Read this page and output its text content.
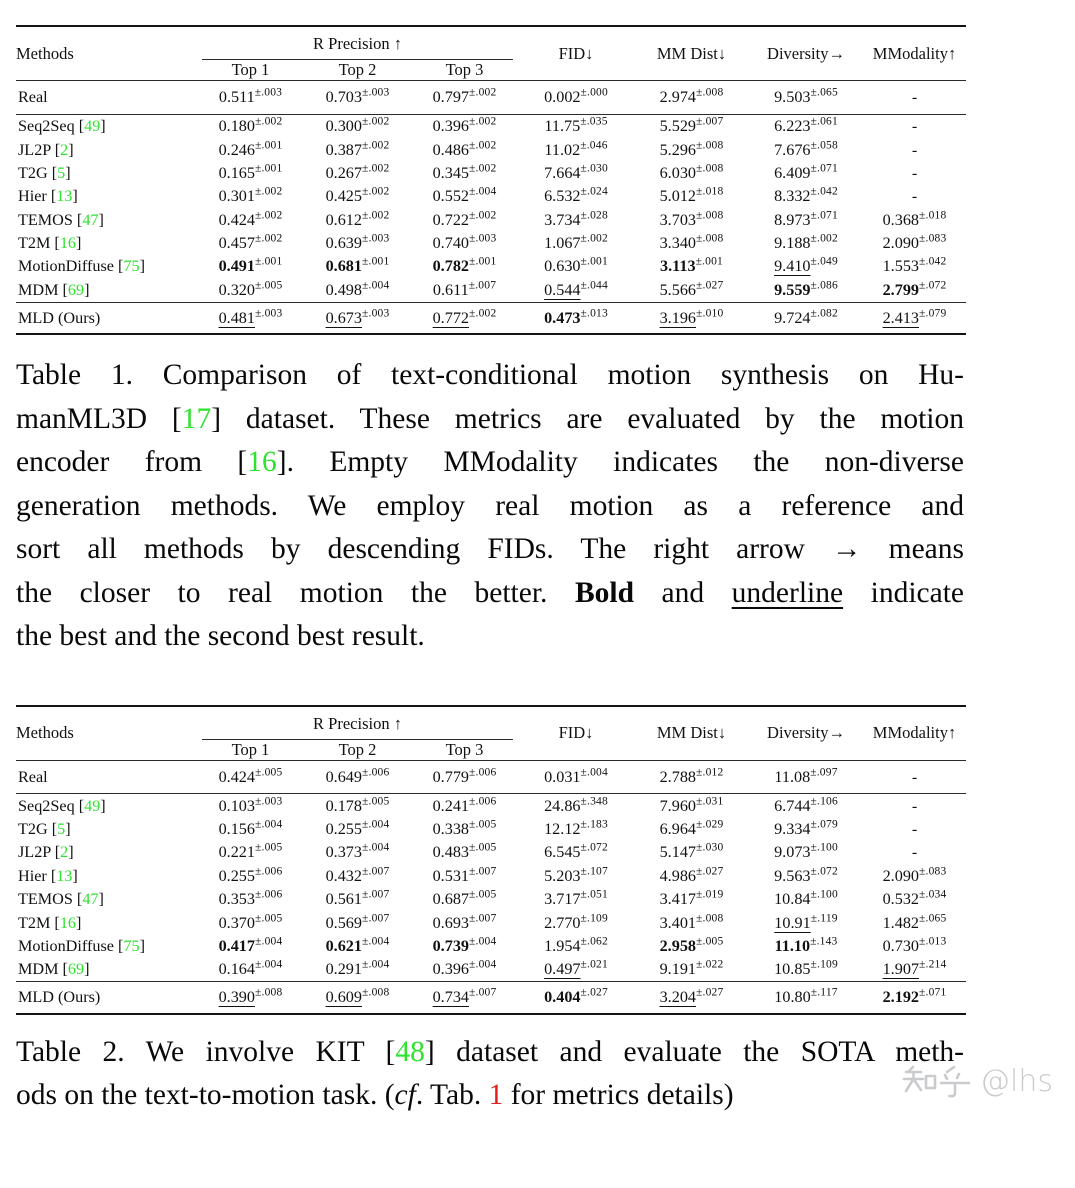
Methods	R Precision ↑			FID↓	MM Dist↓	Diversity→	MModality↑
	Top 1	Top 2	Top 3				
Real	$0.511^{\pm.003}$	$0.703^{\pm.003}$	$0.797^{\pm.002}$	$0.002^{\pm.000}$	$2.974^{\pm.008}$	$9.503^{\pm.065}$	-
Seq2Seq [49]	$0.180^{\pm.002}$	$0.300^{\pm.002}$	$0.396^{\pm.002}$	$11.75^{\pm.035}$	$5.529^{\pm.007}$	$6.223^{\pm.061}$	-
JL2P [2]	$0.246^{\pm.001}$	$0.387^{\pm.002}$	$0.486^{\pm.002}$	$11.02^{\pm.046}$	$5.296^{\pm.008}$	$7.676^{\pm.058}$	-
T2G [5]	$0.165^{\pm.001}$	$0.267^{\pm.002}$	$0.345^{\pm.002}$	$7.664^{\pm.030}$	$6.030^{\pm.008}$	$6.409^{\pm.071}$	-
Hier [13]	$0.301^{\pm.002}$	$0.425^{\pm.002}$	$0.552^{\pm.004}$	$6.532^{\pm.024}$	$5.012^{\pm.018}$	$8.332^{\pm.042}$	-
TEMOS [47]	$0.424^{\pm.002}$	$0.612^{\pm.002}$	$0.722^{\pm.002}$	$3.734^{\pm.028}$	$3.703^{\pm.008}$	$8.973^{\pm.071}$	$0.368^{\pm.018}$
T2M [16]	$0.457^{\pm.002}$	$0.639^{\pm.003}$	$0.740^{\pm.003}$	$1.067^{\pm.002}$	$3.340^{\pm.008}$	$9.188^{\pm.002}$	$2.090^{\pm.083}$
MotionDiffuse [75]	$0.491^{\pm.001}$	$0.681^{\pm.001}$	$0.782^{\pm.001}$	$0.630^{\pm.001}$	$3.113^{\pm.001}$	$9.410^{\pm.049}$	$1.553^{\pm.042}$
MDM [69]	$0.320^{\pm.005}$	$0.498^{\pm.004}$	$0.611^{\pm.007}$	$0.544^{\pm.044}$	$5.566^{\pm.027}$	$9.559^{\pm.086}$	$2.799^{\pm.072}$
MLD (Ours)	$0.481^{\pm.003}$	$0.673^{\pm.003}$	$0.772^{\pm.002}$	$0.473^{\pm.013}$	$3.196^{\pm.010}$	$9.724^{\pm.082}$	$2.413^{\pm.079}$
Table 1. Comparison of text-conditional motion synthesis on Hu-
manML3D [17] dataset. These metrics are evaluated by the motion
encoder from [16]. Empty MModality indicates the non-diverse
generation methods. We employ real motion as a reference and
sort all methods by descending FIDs. The right arrow → means
the closer to real motion the better. Bold and underline indicate
the best and the second best result.
Methods	R Precision ↑			FID↓	MM Dist↓	Diversity→	MModality↑
	Top 1	Top 2	Top 3				
Real	$0.424^{\pm.005}$	$0.649^{\pm.006}$	$0.779^{\pm.006}$	$0.031^{\pm.004}$	$2.788^{\pm.012}$	$11.08^{\pm.097}$	-
Seq2Seq [49]	$0.103^{\pm.003}$	$0.178^{\pm.005}$	$0.241^{\pm.006}$	$24.86^{\pm.348}$	$7.960^{\pm.031}$	$6.744^{\pm.106}$	-
T2G [5]	$0.156^{\pm.004}$	$0.255^{\pm.004}$	$0.338^{\pm.005}$	$12.12^{\pm.183}$	$6.964^{\pm.029}$	$9.334^{\pm.079}$	-
JL2P [2]	$0.221^{\pm.005}$	$0.373^{\pm.004}$	$0.483^{\pm.005}$	$6.545^{\pm.072}$	$5.147^{\pm.030}$	$9.073^{\pm.100}$	-
Hier [13]	$0.255^{\pm.006}$	$0.432^{\pm.007}$	$0.531^{\pm.007}$	$5.203^{\pm.107}$	$4.986^{\pm.027}$	$9.563^{\pm.072}$	$2.090^{\pm.083}$
TEMOS [47]	$0.353^{\pm.006}$	$0.561^{\pm.007}$	$0.687^{\pm.005}$	$3.717^{\pm.051}$	$3.417^{\pm.019}$	$10.84^{\pm.100}$	$0.532^{\pm.034}$
T2M [16]	$0.370^{\pm.005}$	$0.569^{\pm.007}$	$0.693^{\pm.007}$	$2.770^{\pm.109}$	$3.401^{\pm.008}$	$10.91^{\pm.119}$	$1.482^{\pm.065}$
MotionDiffuse [75]	$0.417^{\pm.004}$	$0.621^{\pm.004}$	$0.739^{\pm.004}$	$1.954^{\pm.062}$	$2.958^{\pm.005}$	$11.10^{\pm.143}$	$0.730^{\pm.013}$
MDM [69]	$0.164^{\pm.004}$	$0.291^{\pm.004}$	$0.396^{\pm.004}$	$0.497^{\pm.021}$	$9.191^{\pm.022}$	$10.85^{\pm.109}$	$1.907^{\pm.214}$
MLD (Ours)	$0.390^{\pm.008}$	$0.609^{\pm.008}$	$0.734^{\pm.007}$	$0.404^{\pm.027}$	$3.204^{\pm.027}$	$10.80^{\pm.117}$	$2.192^{\pm.071}$
Table 2. We involve KIT [48] dataset and evaluate the SOTA meth-
ods on the text-to-motion task. (cf. Tab. 1 for metrics details)	@lhs
